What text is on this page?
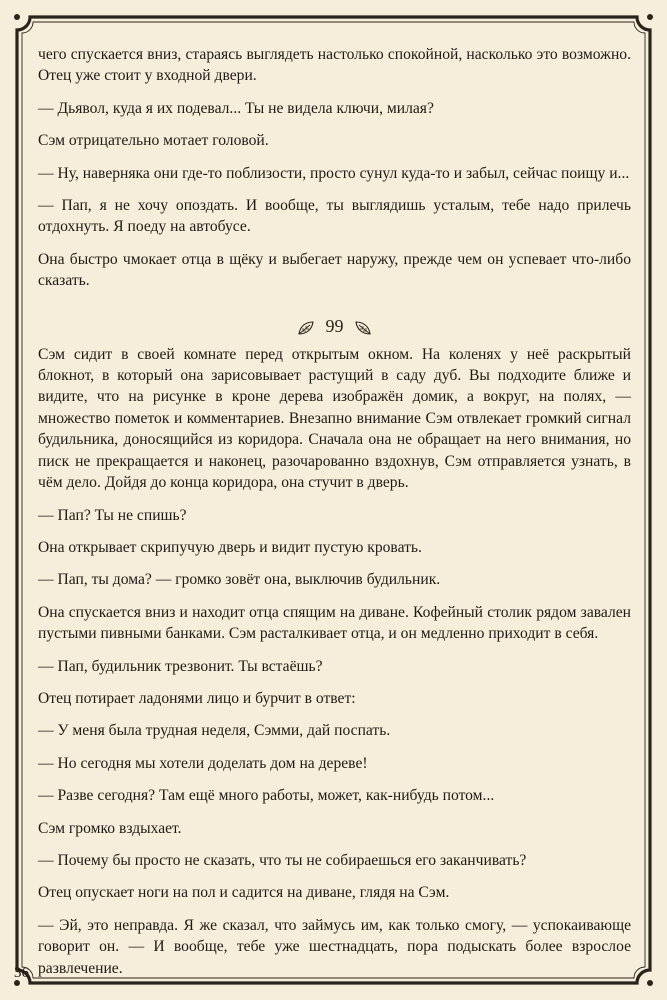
чего спускается вниз, стараясь выглядеть настолько спокойной, насколько это возможно. Отец уже стоит у входной двери.

— Дьявол, куда я их подевал... Ты не видела ключи, милая?

Сэм отрицательно мотает головой.

— Ну, наверняка они где-то поблизости, просто сунул куда-то и забыл, сейчас поищу и...

— Пап, я не хочу опоздать. И вообще, ты выглядишь усталым, тебе надо прилечь отдохнуть. Я поеду на автобусе.

Она быстро чмокает отца в щёку и выбегает наружу, прежде чем он успевает что-либо сказать.

99

Сэм сидит в своей комнате перед открытым окном. На коленях у неё раскрытый блокнот, в который она зарисовывает растущий в саду дуб. Вы подходите ближе и видите, что на рисунке в кроне дерева изображён домик, а вокруг, на полях, — множество пометок и комментариев. Внезапно внимание Сэм отвлекает громкий сигнал будильника, доносящийся из коридора. Сначала она не обращает на него внимания, но писк не прекращается и наконец, разочарованно вздохнув, Сэм отправляется узнать, в чём дело. Дойдя до конца коридора, она стучит в дверь.

— Пап? Ты не спишь?

Она открывает скрипучую дверь и видит пустую кровать.

— Пап, ты дома? — громко зовёт она, выключив будильник.

Она спускается вниз и находит отца спящим на диване. Кофейный столик рядом завален пустыми пивными банками. Сэм расталкивает отца, и он медленно приходит в себя.

— Пап, будильник трезвонит. Ты встаёшь?

Отец потирает ладонями лицо и бурчит в ответ:

— У меня была трудная неделя, Сэмми, дай поспать.

— Но сегодня мы хотели доделать дом на дереве!

— Разве сегодня? Там ещё много работы, может, как-нибудь потом...

Сэм громко вздыхает.

— Почему бы просто не сказать, что ты не собираешься его заканчивать?

Отец опускает ноги на пол и садится на диване, глядя на Сэм.

— Эй, это неправда. Я же сказал, что займусь им, как только смогу, — успокаивающе говорит он. — И вообще, тебе уже шестнадцать, пора подыскать более взрослое развлечение.

36
